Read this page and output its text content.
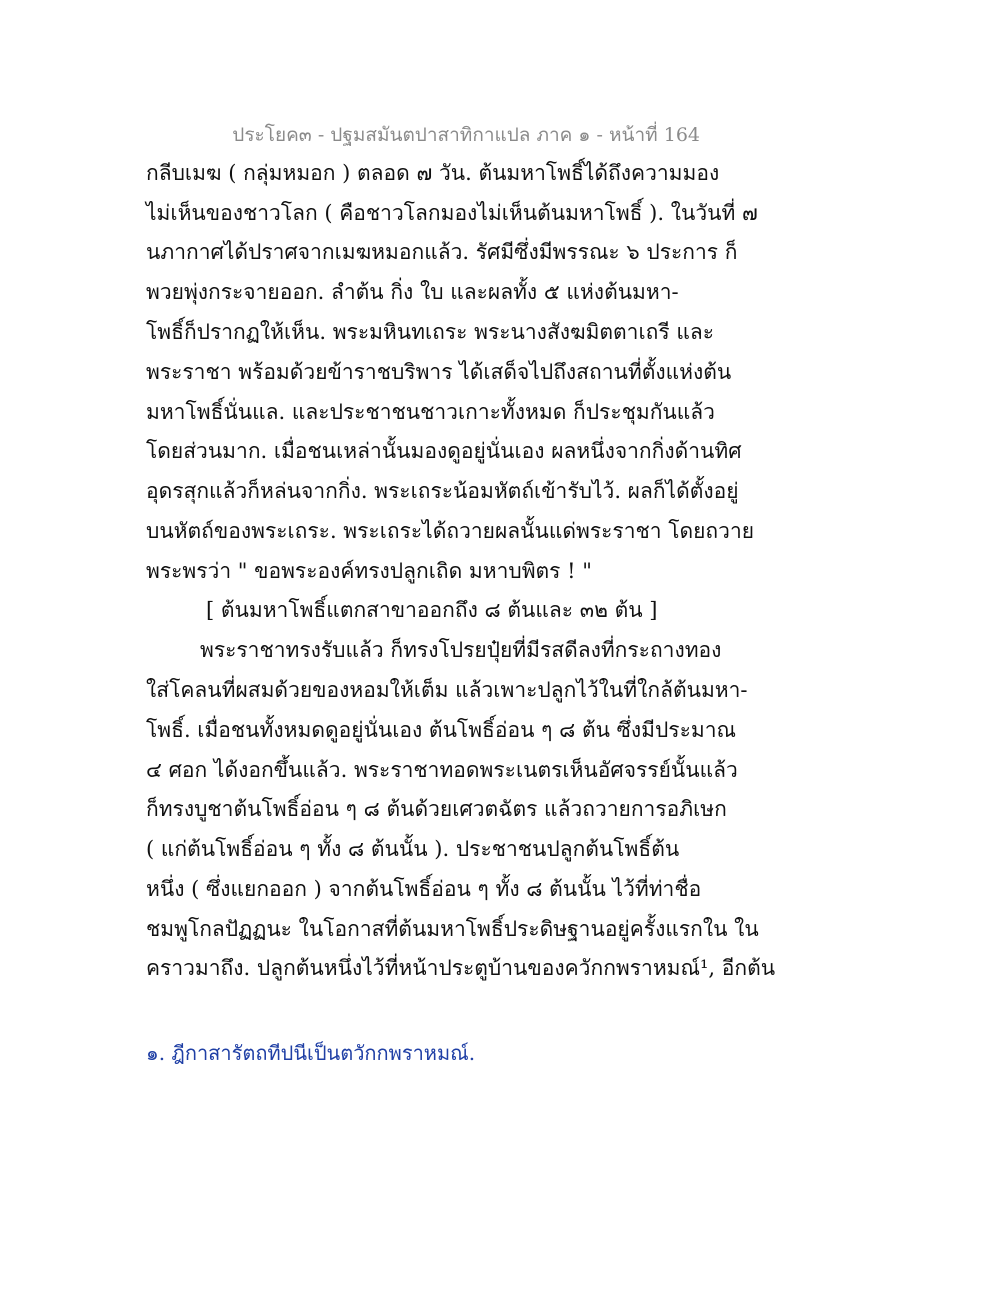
ประโยค๓ - ปฐมสมันตปาสาทิกาแปล ภาค ๑ - หน้าที่ 164
กลีบเมฆ ( กลุ่มหมอก ) ตลอด ๗ วัน. ต้นมหาโพธิ์ได้ถึงความมอง
ไม่เห็นของชาวโลก ( คือชาวโลกมองไม่เห็นต้นมหาโพธิ์ ). ในวันที่ ๗
นภากาศได้ปราศจากเมฆหมอกแล้ว. รัศมีซึ่งมีพรรณะ ๖ ประการ ก็
พวยพุ่งกระจายออก. ลำต้น กิ่ง ใบ และผลทั้ง ๕ แห่งต้นมหา-
โพธิ์ก็ปรากฏให้เห็น. พระมหินทเถระ พระนางสังฆมิตตาเถรี และ
พระราชา พร้อมด้วยข้าราชบริพาร ได้เสด็จไปถึงสถานที่ตั้งแห่งต้น
มหาโพธิ์นั่นแล. และประชาชนชาวเกาะทั้งหมด ก็ประชุมกันแล้ว
โดยส่วนมาก. เมื่อชนเหล่านั้นมองดูอยู่นั่นเอง ผลหนึ่งจากกิ่งด้านทิศ
อุดรสุกแล้วก็หล่นจากกิ่ง. พระเถระน้อมหัตถ์เข้ารับไว้. ผลก็ได้ตั้งอยู่
บนหัตถ์ของพระเถระ. พระเถระได้ถวายผลนั้นแด่พระราชา โดยถวาย
พระพรว่า " ขอพระองค์ทรงปลูกเถิด มหาบพิตร ! "
[ ต้นมหาโพธิ์แตกสาขาออกถึง ๘ ต้นและ ๓๒ ต้น ]
พระราชาทรงรับแล้ว ก็ทรงโปรยปุ๋ยที่มีรสดีลงที่กระถางทอง
ใส่โคลนที่ผสมด้วยของหอมให้เต็ม แล้วเพาะปลูกไว้ในที่ใกล้ต้นมหา-
โพธิ์. เมื่อชนทั้งหมดดูอยู่นั่นเอง ต้นโพธิ์อ่อน ๆ ๘ ต้น ซึ่งมีประมาณ
๔ ศอก ได้งอกขึ้นแล้ว. พระราชาทอดพระเนตรเห็นอัศจรรย์นั้นแล้ว
ก็ทรงบูชาต้นโพธิ์อ่อน ๆ ๘ ต้นด้วยเศวตฉัตร แล้วถวายการอภิเษก
( แก่ต้นโพธิ์อ่อน ๆ ทั้ง ๘ ต้นนั้น ). ประชาชนปลูกต้นโพธิ์ต้น
หนึ่ง ( ซึ่งแยกออก ) จากต้นโพธิ์อ่อน ๆ ทั้ง ๘ ต้นนั้น ไว้ที่ท่าชื่อ
ชมพูโกลปัฏฏนะ ในโอกาสที่ต้นมหาโพธิ์ประดิษฐานอยู่ครั้งแรกใน ใน
คราวมาถึง. ปลูกต้นหนึ่งไว้ที่หน้าประตูบ้านของควักกพราหมณ์¹, อีกต้น
๑. ฎีกาสารัตถทีปนีเป็นตวักกพราหมณ์.
